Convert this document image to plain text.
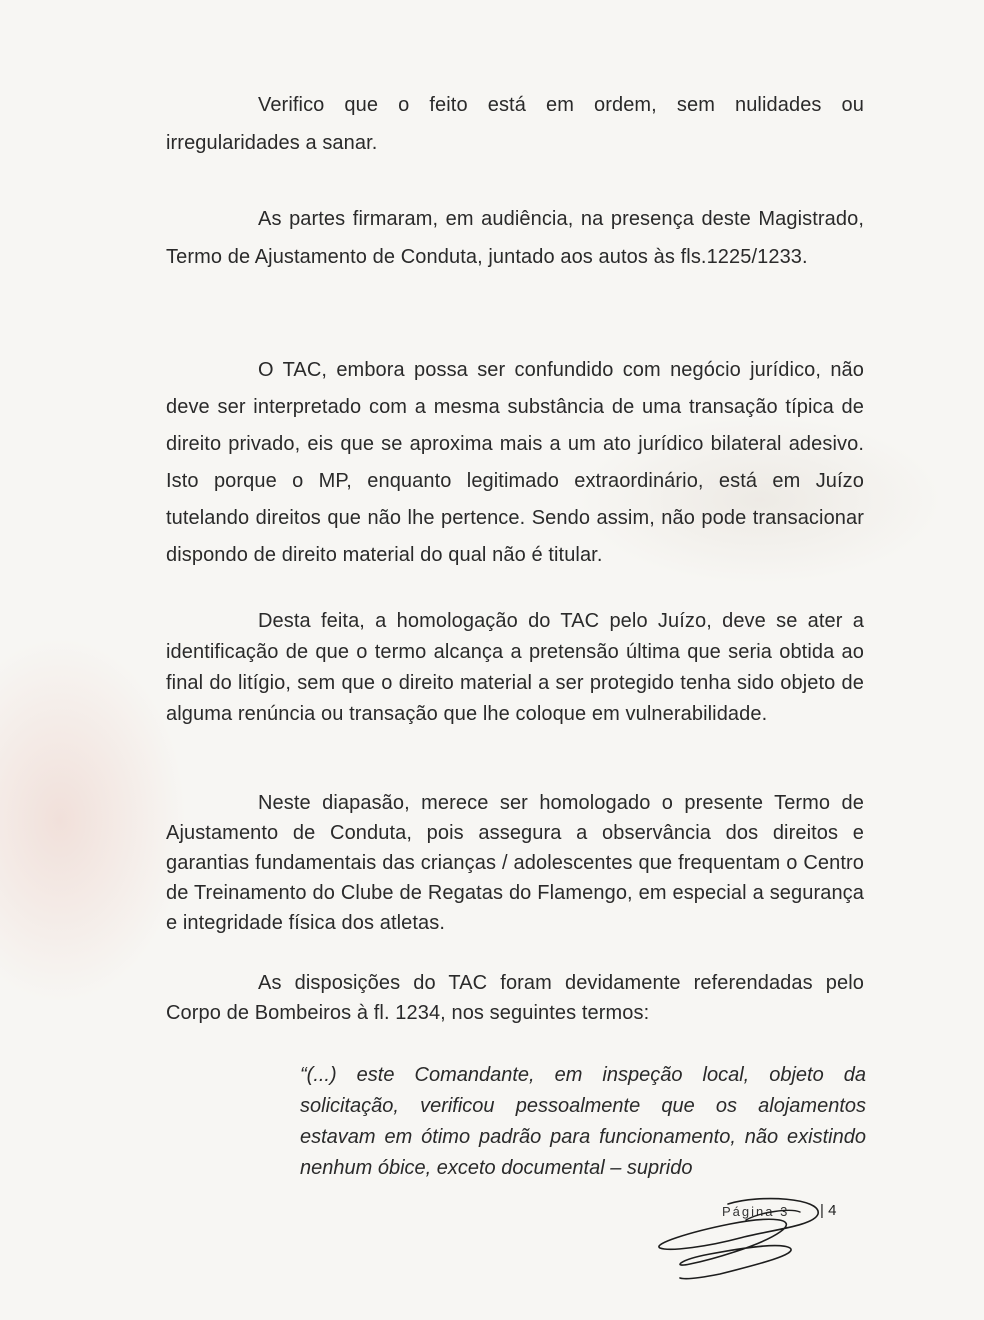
Verifico que o feito está em ordem, sem nulidades ou irregularidades a sanar.

As partes firmaram, em audiência, na presença deste Magistrado, Termo de Ajustamento de Conduta, juntado aos autos às fls.1225/1233.

O TAC, embora possa ser confundido com negócio jurídico, não deve ser interpretado com a mesma substância de uma transação típica de direito privado, eis que se aproxima mais a um ato jurídico bilateral adesivo. Isto porque o MP, enquanto legitimado extraordinário, está em Juízo tutelando direitos que não lhe pertence. Sendo assim, não pode transacionar dispondo de direito material do qual não é titular.

Desta feita, a homologação do TAC pelo Juízo, deve se ater a identificação de que o termo alcança a pretensão última que seria obtida ao final do litígio, sem que o direito material a ser protegido tenha sido objeto de alguma renúncia ou transação que lhe coloque em vulnerabilidade.

Neste diapasão, merece ser homologado o presente Termo de Ajustamento de Conduta, pois assegura a observância dos direitos e garantias fundamentais das crianças / adolescentes que frequentam o Centro de Treinamento do Clube de Regatas do Flamengo, em especial a segurança e integridade física dos atletas.

As disposições do TAC foram devidamente referendadas pelo Corpo de Bombeiros à fl. 1234, nos seguintes termos:

“(...) este Comandante, em inspeção local, objeto da solicitação, verificou pessoalmente que os alojamentos estavam em ótimo padrão para funcionamento, não existindo nenhum óbice, exceto documental – suprido

Página 3 | 4
